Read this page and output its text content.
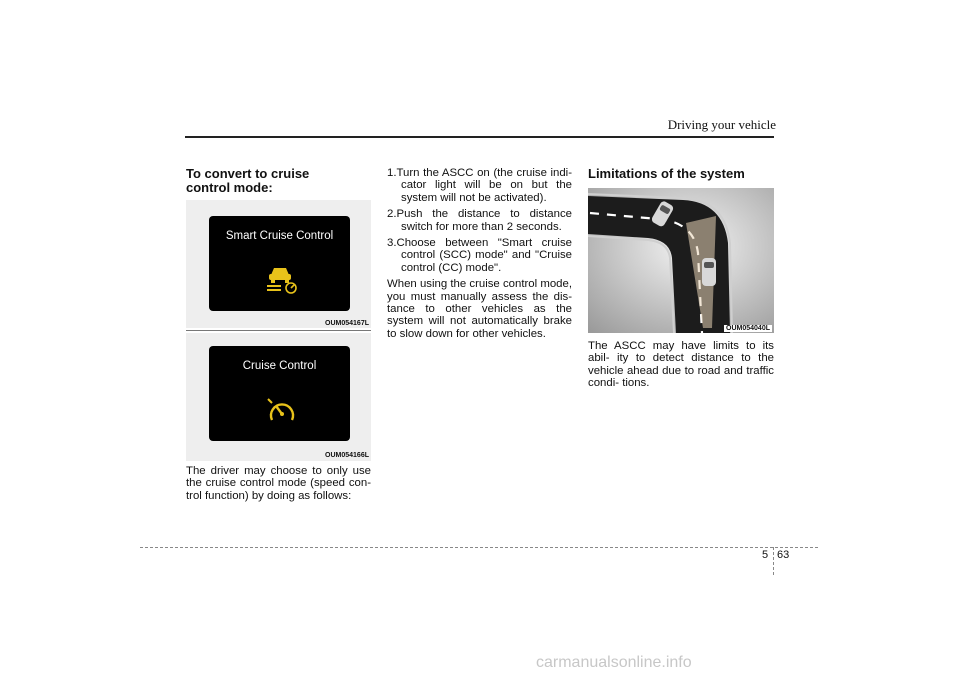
Driving your vehicle
To convert to cruise control mode:
Smart Cruise Control
OUM054167L
Cruise Control
OUM054166L

The driver may choose to only use the cruise control mode (speed con- trol function) by doing as follows:

1.Turn the ASCC on (the cruise indi- cator light will be on but the system will not be activated).

2.Push the distance to distance switch for more than 2 seconds.

3.Choose between "Smart cruise control (SCC) mode" and "Cruise control (CC) mode".

When using the cruise control mode, you must manually assess the dis- tance to other vehicles as the system will not automatically brake to slow down for other vehicles.

Limitations of the system
OUM054040L

The ASCC may have limits to its abil- ity to detect distance to the vehicle ahead due to road and traffic condi- tions.

5 63
carmanualsonline.info
